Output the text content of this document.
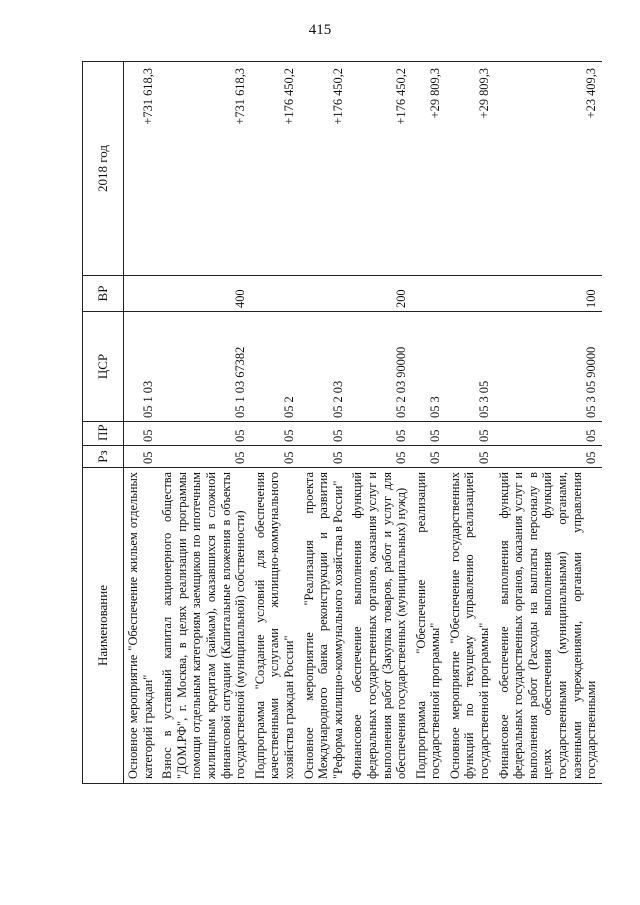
415
Наименование	Рз	ПР	ЦСР	ВР	2018 год
Основное мероприятие "Обеспечение жильем отдельных категорий граждан"	05	05	05 1 03		+731 618,3
Взнос в уставный капитал акционерного общества "ДОМ.РФ", г. Москва, в целях реализации программы помощи отдельным категориям заемщиков по ипотечным жилищным кредитам (займам), оказавшихся в сложной финансовой ситуации (Капитальные вложения в объекты государственной (муниципальной) собственности)	05	05	05 1 03 67382	400	+731 618,3
Подпрограмма "Создание условий для обеспечения качественными услугами жилищно-коммунального хозяйства граждан России"	05	05	05 2		+176 450,2
Основное мероприятие "Реализация проекта Международного банка реконструкции и развития "Реформа жилищно-коммунального хозяйства в России"	05	05	05 2 03		+176 450,2
Финансовое обеспечение выполнения функций федеральных государственных органов, оказания услуг и выполнения работ (Закупка товаров, работ и услуг для обеспечения государственных (муниципальных) нужд)	05	05	05 2 03 90000	200	+176 450,2
Подпрограмма "Обеспечение реализации государственной программы"	05	05	05 3		+29 809,3
Основное мероприятие "Обеспечение государственных функций по текущему управлению реализацией государственной программы"	05	05	05 3 05		+29 809,3
Финансовое обеспечение выполнения функций федеральных государственных органов, оказания услуг и выполнения работ (Расходы на выплаты персоналу в целях обеспечения выполнения функций государственными (муниципальными) органами, казенными учреждениями, органами управления государственными	05	05	05 3 05 90000	100	+23 409,3
